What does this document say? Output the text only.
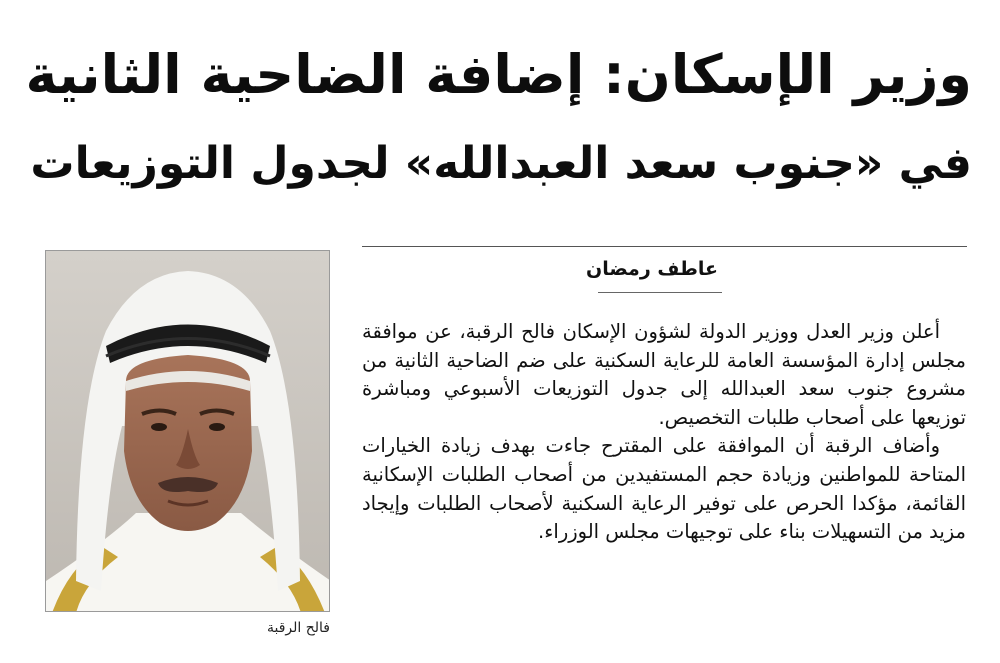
وزير الإسكان: إضافة الضاحية الثانية
في «جنوب سعد العبدالله» لجدول التوزيعات
عاطف رمضان

أعلن وزير العدل ووزير الدولة لشؤون الإسكان فالح الرقبة، عن موافقة مجلس إدارة المؤسسة العامة للرعاية السكنية على ضم الضاحية الثانية من مشروع جنوب سعد العبدالله إلى جدول التوزيعات الأسبوعي ومباشرة توزيعها على أصحاب طلبات التخصيص.

وأضاف الرقبة أن الموافقة على المقترح جاءت بهدف زيادة الخيارات المتاحة للمواطنين وزيادة حجم المستفيدين من أصحاب الطلبات الإسكانية القائمة، مؤكدا الحرص على توفير الرعاية السكنية لأصحاب الطلبات وإيجاد مزيد من التسهيلات بناء على توجيهات مجلس الوزراء.

فالح الرقبة
